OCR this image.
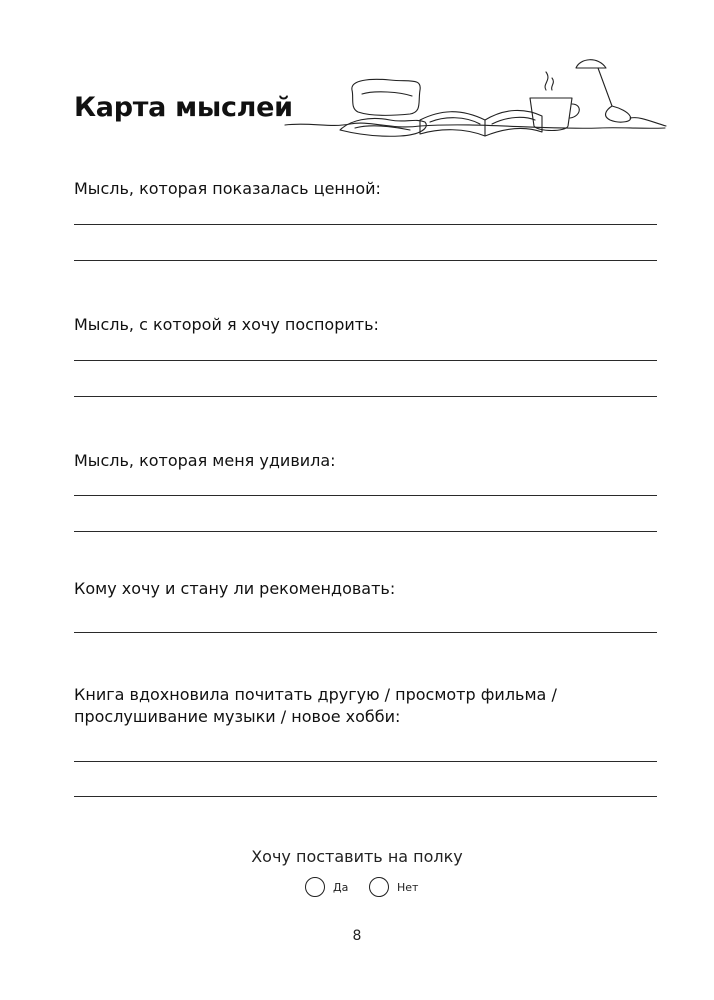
Карта мыслей
Мысль, которая показалась ценной:
Мысль, с которой я хочу поспорить:
Мысль, которая меня удивила:
Кому хочу и стану ли рекомендовать:
Книга вдохновила почитать другую / просмотр фильма / прослушивание музыки / новое хобби:
Хочу поставить на полку
Да	Нет
8
